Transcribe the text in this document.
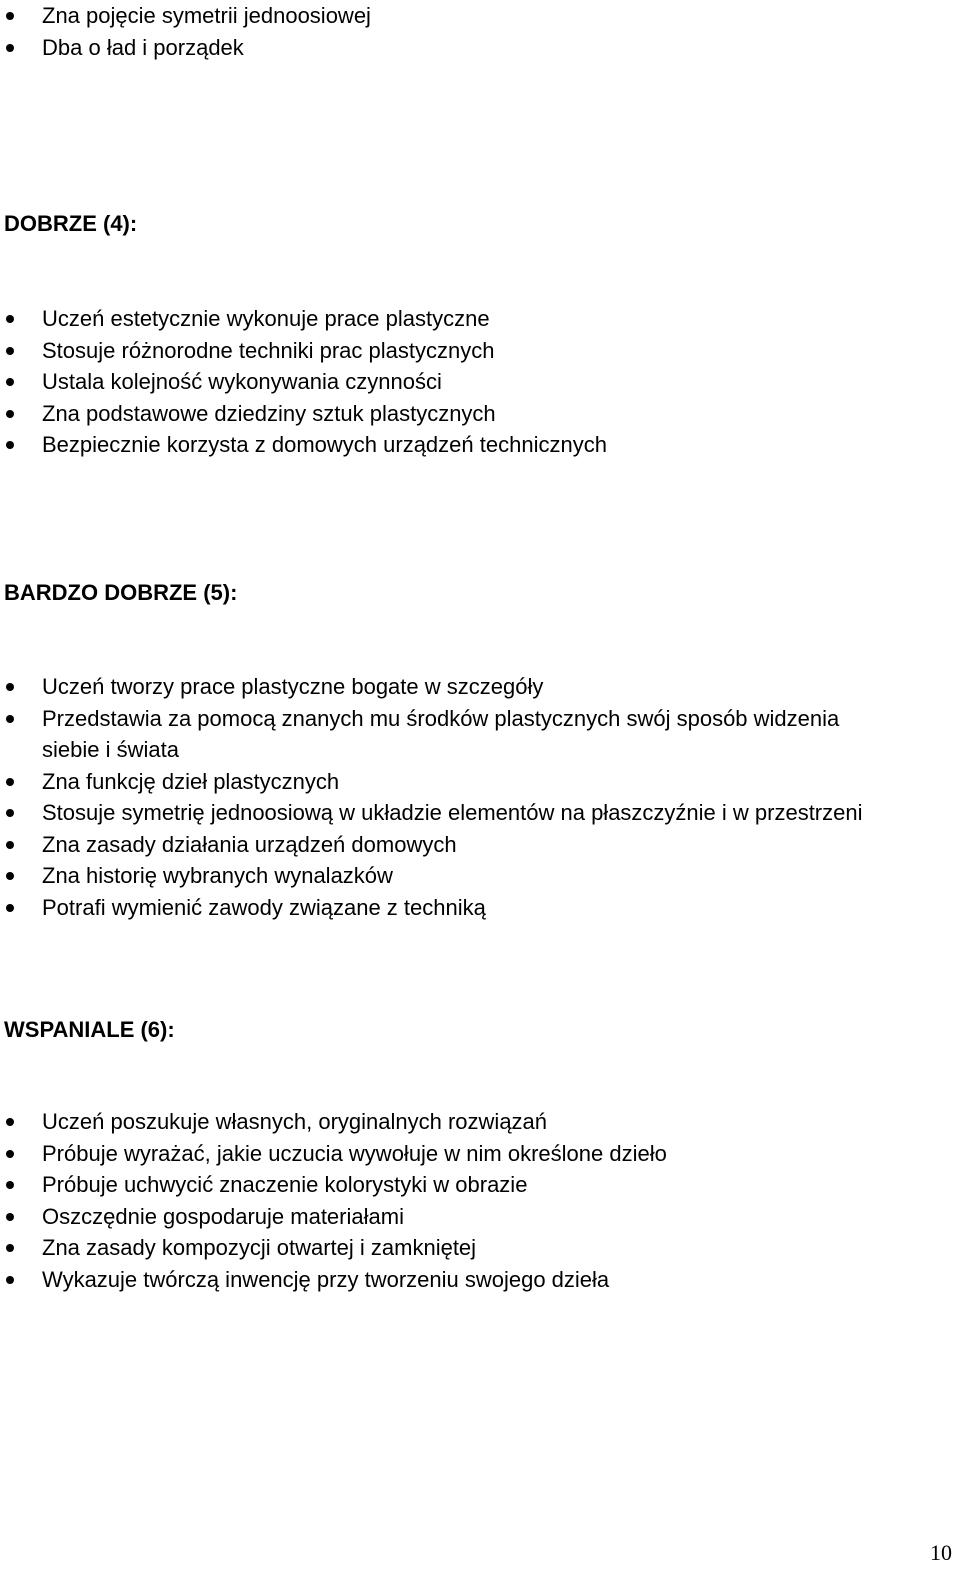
Zna pojęcie symetrii jednoosiowej
Dba o ład i porządek
DOBRZE (4):
Uczeń estetycznie wykonuje prace plastyczne
Stosuje różnorodne techniki prac plastycznych
Ustala kolejność wykonywania czynności
Zna podstawowe dziedziny sztuk plastycznych
Bezpiecznie korzysta z domowych urządzeń technicznych
BARDZO DOBRZE (5):
Uczeń tworzy prace plastyczne bogate w szczegóły
Przedstawia za pomocą znanych mu środków plastycznych swój sposób widzenia siebie i świata
Zna funkcję dzieł plastycznych
Stosuje symetrię jednoosiową w układzie elementów na płaszczyźnie i w przestrzeni
Zna zasady działania urządzeń domowych
Zna historię wybranych wynalazków
Potrafi wymienić zawody związane z techniką
WSPANIALE (6):
Uczeń poszukuje własnych, oryginalnych rozwiązań
Próbuje wyrażać, jakie uczucia wywołuje w nim określone dzieło
Próbuje uchwycić znaczenie kolorystyki w obrazie
Oszczędnie gospodaruje materiałami
Zna zasady kompozycji otwartej i zamkniętej
Wykazuje twórczą inwencję przy tworzeniu swojego dzieła
10
